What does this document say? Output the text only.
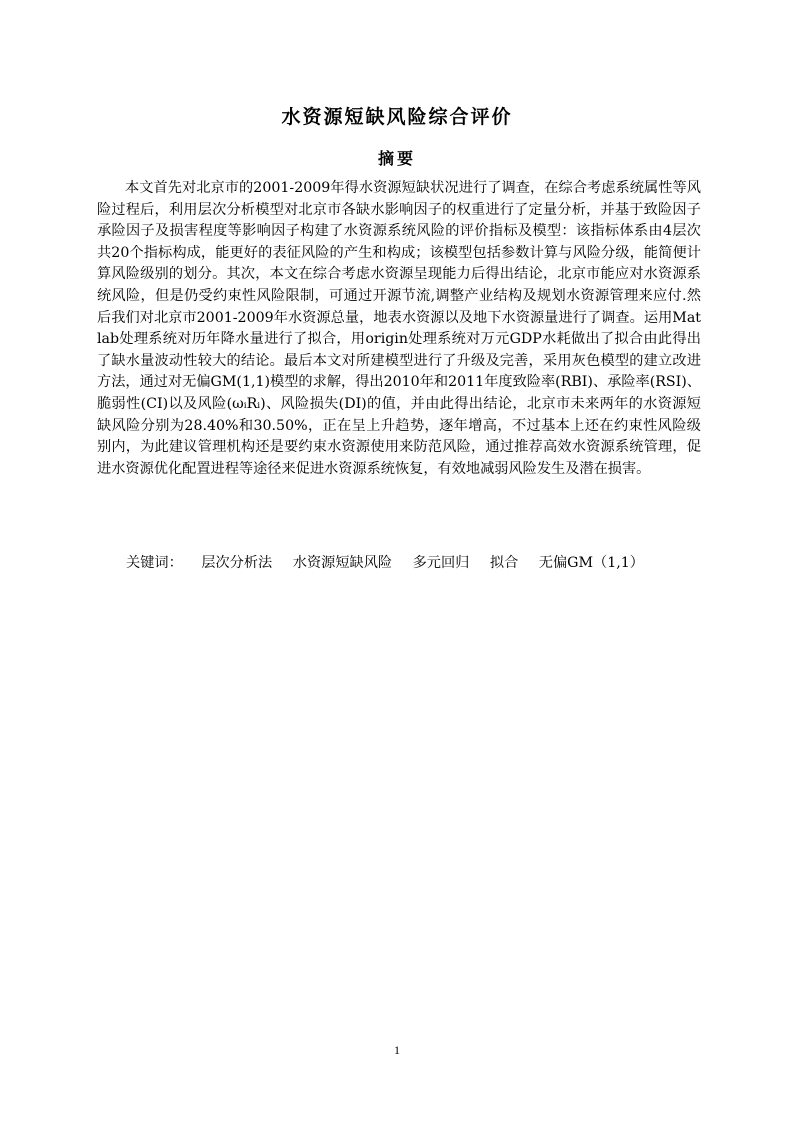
水资源短缺风险综合评价
摘要

本文首先对北京市的2001-2009年得水资源短缺状况进行了调查，在综合考虑系统属性等风险过程后，利用层次分析模型对北京市各缺水影响因子的权重进行了定量分析，并基于致险因子承险因子及损害程度等影响因子构建了水资源系统风险的评价指标及模型：该指标体系由4层次共20个指标构成，能更好的表征风险的产生和构成；该模型包括参数计算与风险分级，能简便计算风险级别的划分。其次，本文在综合考虑水资源呈现能力后得出结论，北京市能应对水资源系统风险，但是仍受约束性风险限制，可通过开源节流,调整产业结构及规划水资源管理来应付.然后我们对北京市2001-2009年水资源总量，地表水资源以及地下水资源量进行了调查。运用Matlab处理系统对历年降水量进行了拟合，用origin处理系统对万元GDP水耗做出了拟合由此得出了缺水量波动性较大的结论。最后本文对所建模型进行了升级及完善，采用灰色模型的建立改进方法，通过对无偏GM(1,1)模型的求解，得出2010年和2011年度致险率(RBI)、承险率(RSI)、脆弱性(CI)以及风险(ωᵢRᵢ)、风险损失(DI)的值，并由此得出结论，北京市未来两年的水资源短缺风险分别为28.40%和30.50%，正在呈上升趋势，逐年增高，不过基本上还在约束性风险级别内，为此建议管理机构还是要约束水资源使用来防范风险，通过推荐高效水资源系统管理，促进水资源优化配置进程等途径来促进水资源系统恢复，有效地减弱风险发生及潜在损害。

关键词： 层次分析法 水资源短缺风险 多元回归 拟合 无偏GM（1,1）
1
